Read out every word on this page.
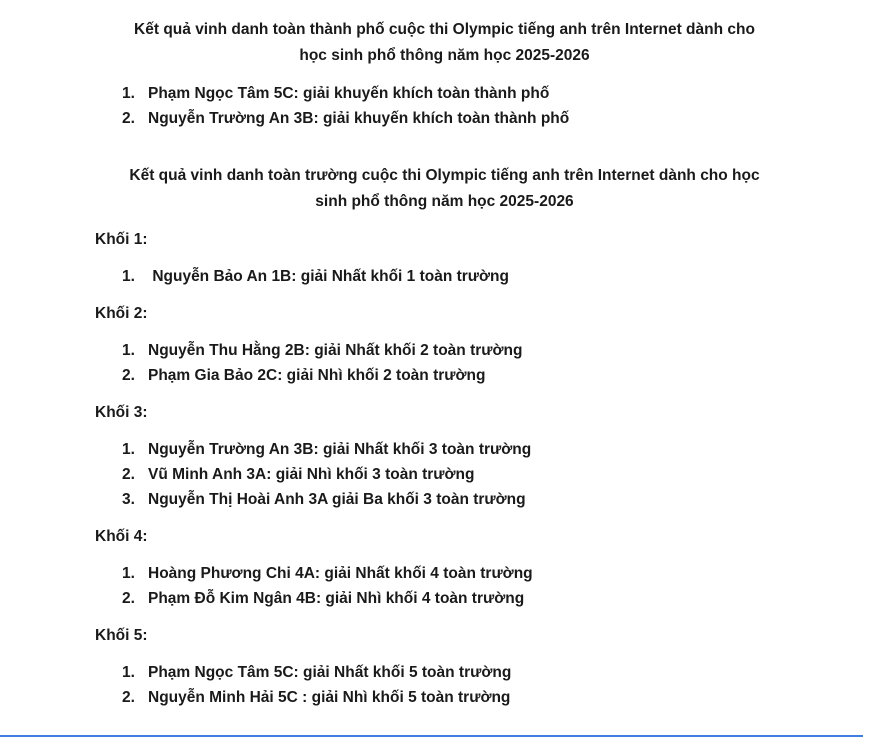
Kết quả vinh danh toàn thành phố cuộc thi Olympic tiếng anh trên Internet dành cho
học sinh phổ thông năm học 2025-2026
1. Phạm Ngọc Tâm 5C: giải khuyến khích toàn thành phố
2. Nguyễn Trường An 3B: giải khuyến khích toàn thành phố
Kết quả vinh danh toàn trường cuộc thi Olympic tiếng anh trên Internet dành cho học
sinh phổ thông năm học 2025-2026
Khối 1:
1. Nguyễn Bảo An 1B: giải Nhất khối 1 toàn trường
Khối 2:
1. Nguyễn Thu Hằng 2B: giải Nhất khối 2 toàn trường
2. Phạm Gia Bảo 2C: giải Nhì khối 2 toàn trường
Khối 3:
1. Nguyễn Trường An 3B: giải Nhất khối 3 toàn trường
2. Vũ Minh Anh 3A: giải Nhì khối 3 toàn trường
3. Nguyễn Thị Hoài Anh 3A giải Ba khối 3 toàn trường
Khối 4:
1. Hoàng Phương Chi 4A: giải Nhất khối 4 toàn trường
2. Phạm Đỗ Kim Ngân 4B: giải Nhì khối 4 toàn trường
Khối 5:
1. Phạm Ngọc Tâm 5C: giải Nhất khối 5 toàn trường
2. Nguyễn Minh Hải 5C : giải Nhì khối 5 toàn trường
